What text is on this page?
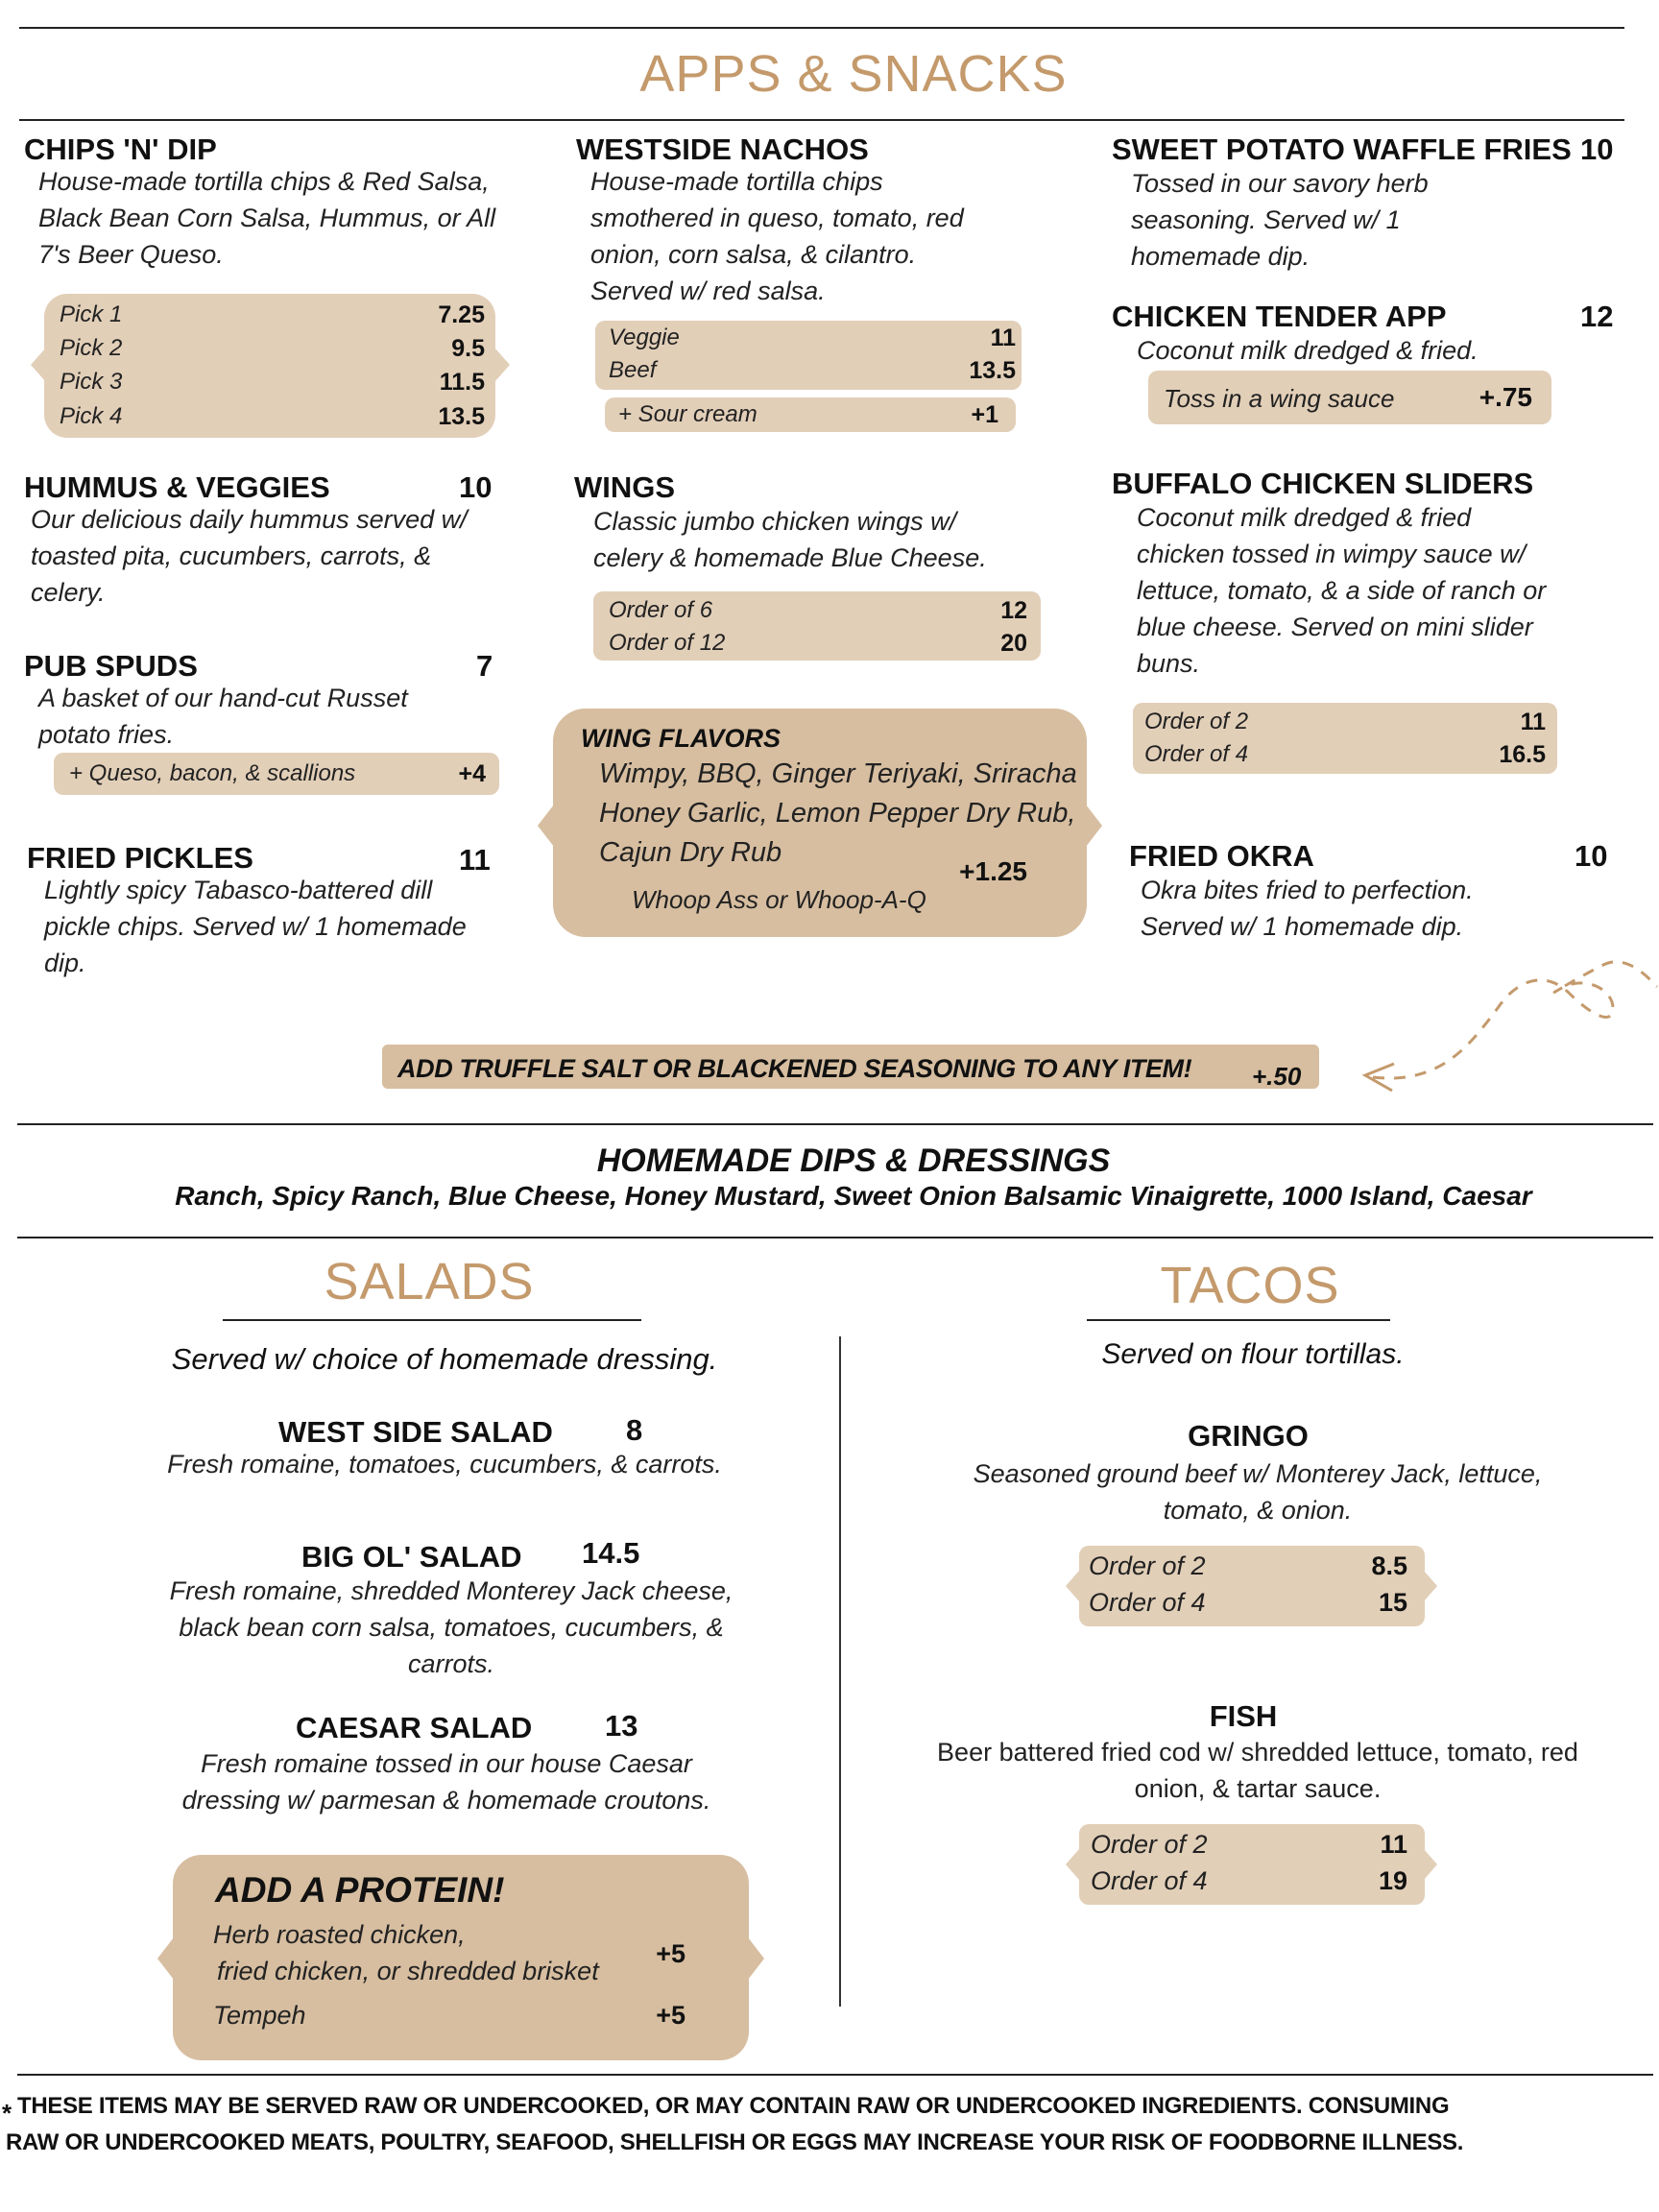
APPS & SNACKS
CHIPS 'N' DIP
House-made tortilla chips & Red Salsa, Black Bean Corn Salsa, Hummus, or All 7's Beer Queso.
Pick 1	7.25
Pick 2	9.5
Pick 3	11.5
Pick 4	13.5
HUMMUS & VEGGIES	10
Our delicious daily hummus served w/ toasted pita, cucumbers, carrots, & celery.
PUB SPUDS	7
A basket of our hand-cut Russet potato fries.
+ Queso, bacon, & scallions	+4
FRIED PICKLES	11
Lightly spicy Tabasco-battered dill pickle chips. Served w/ 1 homemade dip.
WESTSIDE NACHOS
House-made tortilla chips smothered in queso, tomato, red onion, corn salsa, & cilantro. Served w/ red salsa.
Veggie	11
Beef	13.5
+ Sour cream	+1
WINGS
Classic jumbo chicken wings w/ celery & homemade Blue Cheese.
Order of 6	12
Order of 12	20
WING FLAVORS
Wimpy, BBQ, Ginger Teriyaki, Sriracha Honey Garlic, Lemon Pepper Dry Rub, Cajun Dry Rub
Whoop Ass or Whoop-A-Q
+1.25
SWEET POTATO WAFFLE FRIES 10
Tossed in our savory herb seasoning. Served w/ 1 homemade dip.
CHICKEN TENDER APP	12
Coconut milk dredged & fried.
Toss in a wing sauce	+.75
BUFFALO CHICKEN SLIDERS
Coconut milk dredged & fried chicken tossed in wimpy sauce w/ lettuce, tomato, & a side of ranch or blue cheese. Served on mini slider buns.
Order of 2	11
Order of 4	16.5
FRIED OKRA	10
Okra bites fried to perfection. Served w/ 1 homemade dip.
ADD TRUFFLE SALT OR BLACKENED SEASONING TO ANY ITEM! +.50
HOMEMADE DIPS & DRESSINGS
Ranch, Spicy Ranch, Blue Cheese, Honey Mustard, Sweet Onion Balsamic Vinaigrette, 1000 Island, Caesar
SALADS
Served w/ choice of homemade dressing.
WEST SIDE SALAD 8
Fresh romaine, tomatoes, cucumbers, & carrots.
BIG OL' SALAD 14.5
Fresh romaine, shredded Monterey Jack cheese, black bean corn salsa, tomatoes, cucumbers, & carrots.
CAESAR SALAD 13
Fresh romaine tossed in our house Caesar dressing w/ parmesan & homemade croutons.
ADD A PROTEIN!
Herb roasted chicken,
fried chicken, or shredded brisket
+5
Tempeh	+5
TACOS
Served on flour tortillas.
GRINGO
Seasoned ground beef w/ Monterey Jack, lettuce, tomato, & onion.
Order of 2	8.5
Order of 4	15
FISH
Beer battered fried cod w/ shredded lettuce, tomato, red onion, & tartar sauce.
Order of 2	11
Order of 4	19
* THESE ITEMS MAY BE SERVED RAW OR UNDERCOOKED, OR MAY CONTAIN RAW OR UNDERCOOKED INGREDIENTS. CONSUMING
RAW OR UNDERCOOKED MEATS, POULTRY, SEAFOOD, SHELLFISH OR EGGS MAY INCREASE YOUR RISK OF FOODBORNE ILLNESS.
